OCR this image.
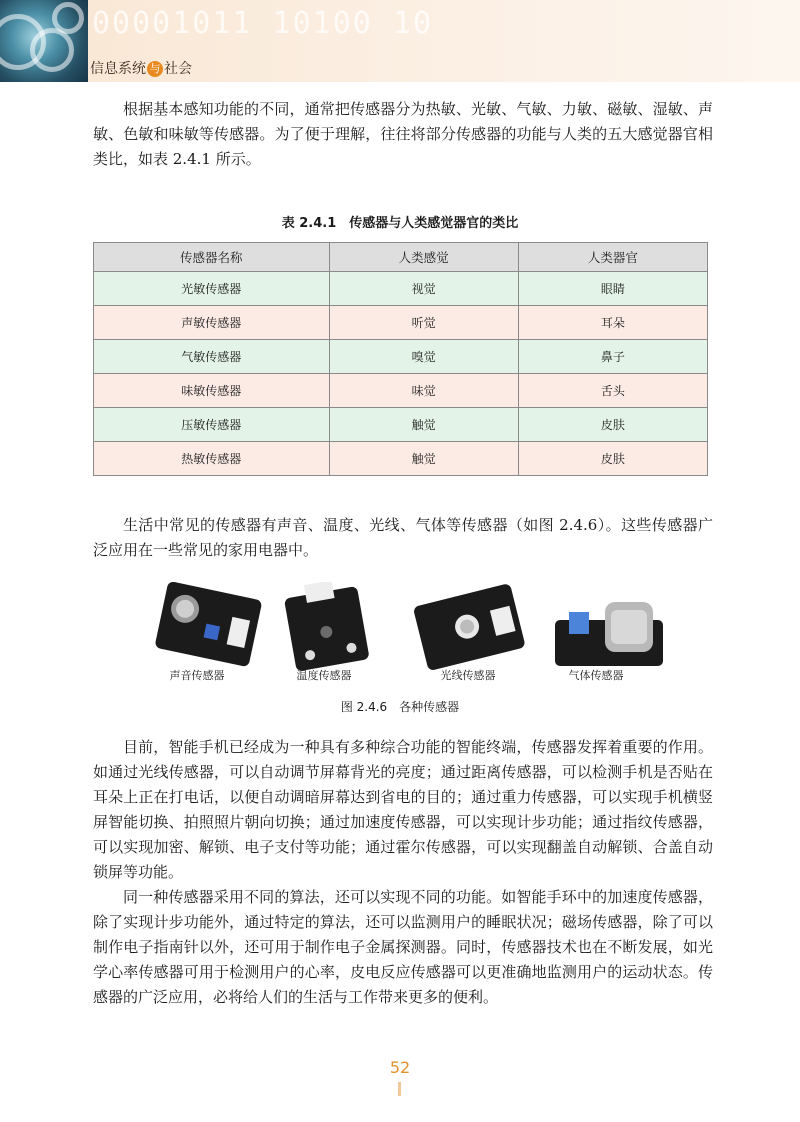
00001011 10100 10
信息系统 与 社会

根据基本感知功能的不同，通常把传感器分为热敏、光敏、气敏、力敏、磁敏、湿敏、声敏、色敏和味敏等传感器。为了便于理解，往往将部分传感器的功能与人类的五大感觉器官相类比，如表 2.4.1 所示。

表 2.4.1　传感器与人类感觉器官的类比
传感器名称	人类感觉	人类器官
光敏传感器	视觉	眼睛
声敏传感器	听觉	耳朵
气敏传感器	嗅觉	鼻子
味敏传感器	味觉	舌头
压敏传感器	触觉	皮肤
热敏传感器	触觉	皮肤

生活中常见的传感器有声音、温度、光线、气体等传感器（如图 2.4.6）。这些传感器广泛应用在一些常见的家用电器中。

声音传感器	温度传感器	光线传感器	气体传感器
图 2.4.6　各种传感器

目前，智能手机已经成为一种具有多种综合功能的智能终端，传感器发挥着重要的作用。如通过光线传感器，可以自动调节屏幕背光的亮度；通过距离传感器，可以检测手机是否贴在耳朵上正在打电话，以便自动调暗屏幕达到省电的目的；通过重力传感器，可以实现手机横竖屏智能切换、拍照照片朝向切换；通过加速度传感器，可以实现计步功能；通过指纹传感器，可以实现加密、解锁、电子支付等功能；通过霍尔传感器，可以实现翻盖自动解锁、合盖自动锁屏等功能。

同一种传感器采用不同的算法，还可以实现不同的功能。如智能手环中的加速度传感器，除了实现计步功能外，通过特定的算法，还可以监测用户的睡眠状况；磁场传感器，除了可以制作电子指南针以外，还可用于制作电子金属探测器。同时，传感器技术也在不断发展，如光学心率传感器可用于检测用户的心率，皮电反应传感器可以更准确地监测用户的运动状态。传感器的广泛应用，必将给人们的生活与工作带来更多的便利。

52
